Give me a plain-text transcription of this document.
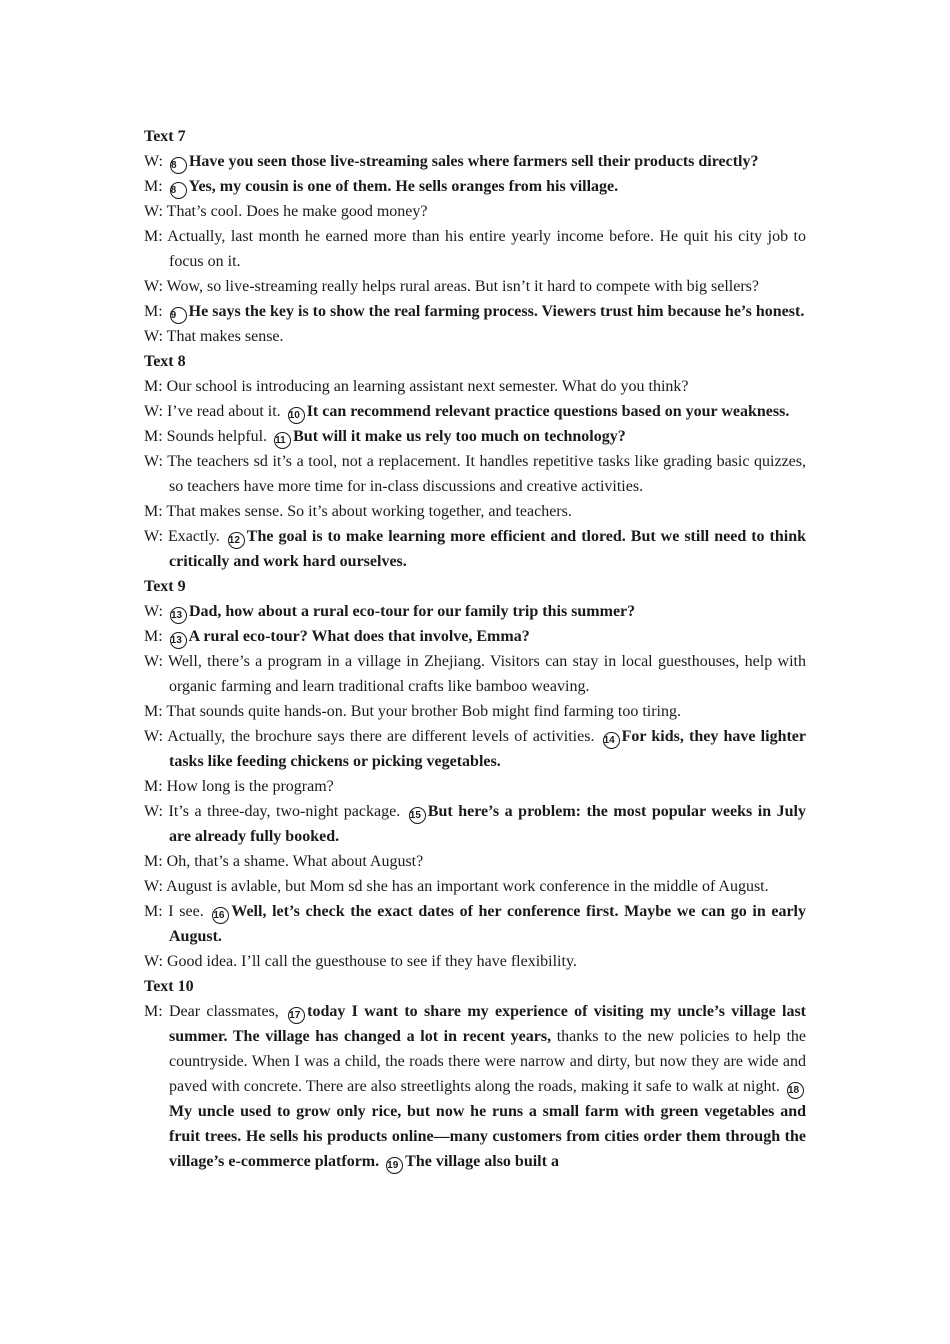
Text 7

W: 8 Have you seen those live-streaming sales where farmers sell their products directly?

M: 8 Yes, my cousin is one of them. He sells oranges from his village.

W: That’s cool. Does he make good money?

M: Actually, last month he earned more than his entire yearly income before. He quit his city job to focus on it.

W: Wow, so live-streaming really helps rural areas. But isn’t it hard to compete with big sellers?

M: 9 He says the key is to show the real farming process. Viewers trust him because he’s honest.

W: That makes sense.

Text 8

M: Our school is introducing an learning assistant next semester. What do you think?

W: I’ve read about it. 10 It can recommend relevant practice questions based on your weakness.

M: Sounds helpful. 11 But will it make us rely too much on technology?

W: The teachers sd it’s a tool, not a replacement. It handles repetitive tasks like grading basic quizzes, so teachers have more time for in-class discussions and creative activities.

M: That makes sense. So it’s about working together, and teachers.

W: Exactly. 12 The goal is to make learning more efficient and tlored. But we still need to think critically and work hard ourselves.

Text 9

W: 13 Dad, how about a rural eco-tour for our family trip this summer?

M: 13 A rural eco-tour? What does that involve, Emma?

W: Well, there’s a program in a village in Zhejiang. Visitors can stay in local guesthouses, help with organic farming and learn traditional crafts like bamboo weaving.

M: That sounds quite hands-on. But your brother Bob might find farming too tiring.

W: Actually, the brochure says there are different levels of activities. 14 For kids, they have lighter tasks like feeding chickens or picking vegetables.

M: How long is the program?

W: It’s a three-day, two-night package. 15 But here’s a problem: the most popular weeks in July are already fully booked.

M: Oh, that’s a shame. What about August?

W: August is avlable, but Mom sd she has an important work conference in the middle of August.

M: I see. 16 Well, let’s check the exact dates of her conference first. Maybe we can go in early August.

W: Good idea. I’ll call the guesthouse to see if they have flexibility.

Text 10

M: Dear classmates, 17 today I want to share my experience of visiting my uncle’s village last summer. The village has changed a lot in recent years, thanks to the new policies to help the countryside. When I was a child, the roads there were narrow and dirty, but now they are wide and paved with concrete. There are also streetlights along the roads, making it safe to walk at night. 18My uncle used to grow only rice, but now he runs a small farm with green vegetables and fruit trees. He sells his products online—many customers from cities order them through the village’s e-commerce platform. 19 The village also built a
